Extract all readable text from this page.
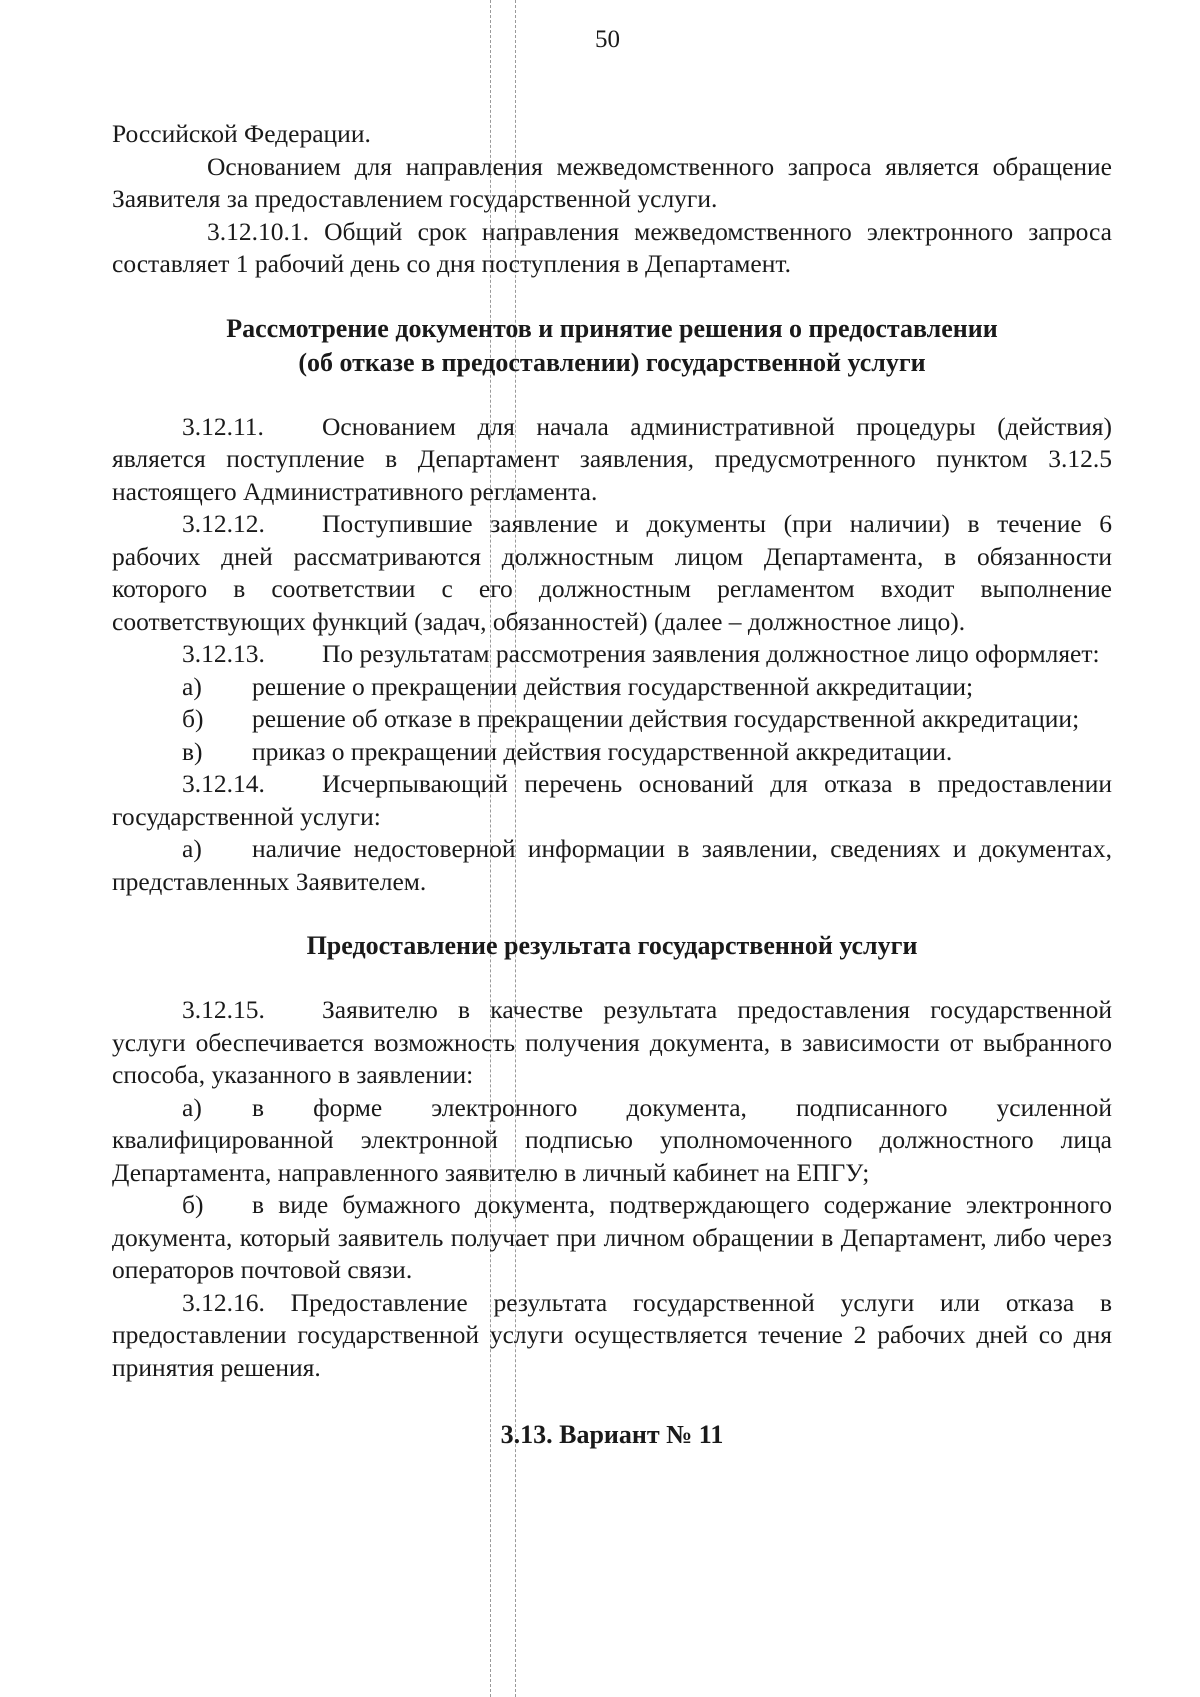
50

Российской Федерации.

Основанием для направления межведомственного запроса является обращение Заявителя за предоставлением государственной услуги.

3.12.10.1. Общий срок направления межведомственного электронного запроса составляет 1 рабочий день со дня поступления в Департамент.

Рассмотрение документов и принятие решения о предоставлении
(об отказе в предоставлении) государственной услуги

3.12.11. Основанием для начала административной процедуры (действия) является поступление в Департамент заявления, предусмотренного пунктом 3.12.5 настоящего Административного регламента.

3.12.12. Поступившие заявление и документы (при наличии) в течение 6 рабочих дней рассматриваются должностным лицом Департамента, в обязанности которого в соответствии с его должностным регламентом входит выполнение соответствующих функций (задач, обязанностей) (далее – должностное лицо).

3.12.13. По результатам рассмотрения заявления должностное лицо оформляет:

а) решение о прекращении действия государственной аккредитации;

б) решение об отказе в прекращении действия государственной аккредитации;

в) приказ о прекращении действия государственной аккредитации.

3.12.14. Исчерпывающий перечень оснований для отказа в предоставлении государственной услуги:

а) наличие недостоверной информации в заявлении, сведениях и документах, представленных Заявителем.

Предоставление результата государственной услуги

3.12.15. Заявителю в качестве результата предоставления государственной услуги обеспечивается возможность получения документа, в зависимости от выбранного способа, указанного в заявлении:

а) в форме электронного документа, подписанного усиленной квалифицированной электронной подписью уполномоченного должностного лица Департамента, направленного заявителю в личный кабинет на ЕПГУ;

б) в виде бумажного документа, подтверждающего содержание электронного документа, который заявитель получает при личном обращении в Департамент, либо через операторов почтовой связи.

3.12.16. Предоставление результата государственной услуги или отказа в предоставлении государственной услуги осуществляется течение 2 рабочих дней со дня принятия решения.

3.13. Вариант № 11
